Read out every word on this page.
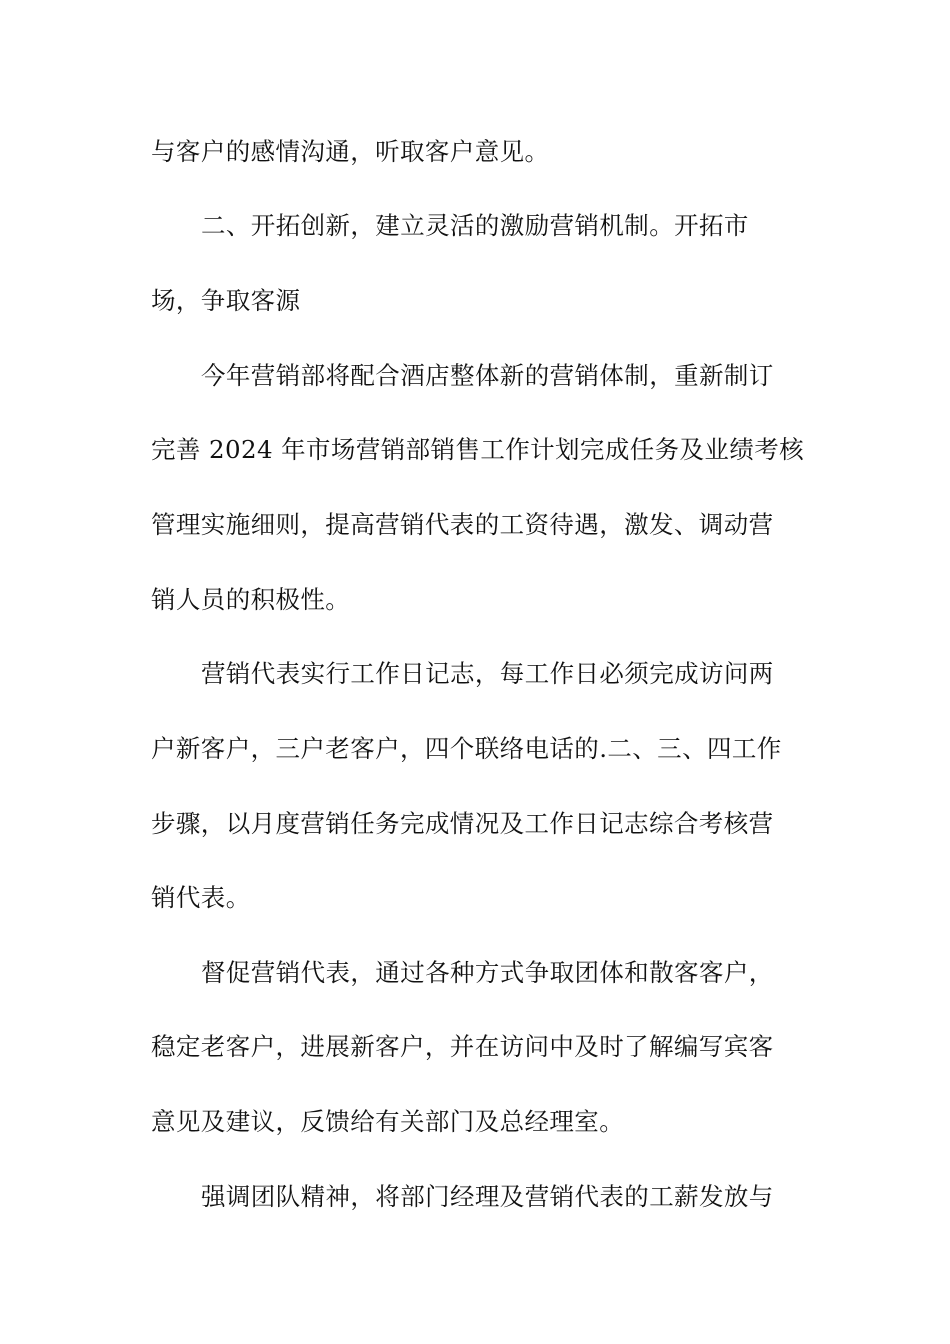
与客户的感情沟通，听取客户意见。
二、开拓创新，建立灵活的激励营销机制。开拓市
场，争取客源
今年营销部将配合酒店整体新的营销体制，重新制订
完善 2024 年市场营销部销售工作计划完成任务及业绩考核
管理实施细则，提高营销代表的工资待遇，激发、调动营
销人员的积极性。
营销代表实行工作日记志，每工作日必须完成访问两
户新客户，三户老客户，四个联络电话的.二、三、四工作
步骤，以月度营销任务完成情况及工作日记志综合考核营
销代表。
督促营销代表，通过各种方式争取团体和散客客户，
稳定老客户，进展新客户，并在访问中及时了解编写宾客
意见及建议，反馈给有关部门及总经理室。
强调团队精神，将部门经理及营销代表的工薪发放与
